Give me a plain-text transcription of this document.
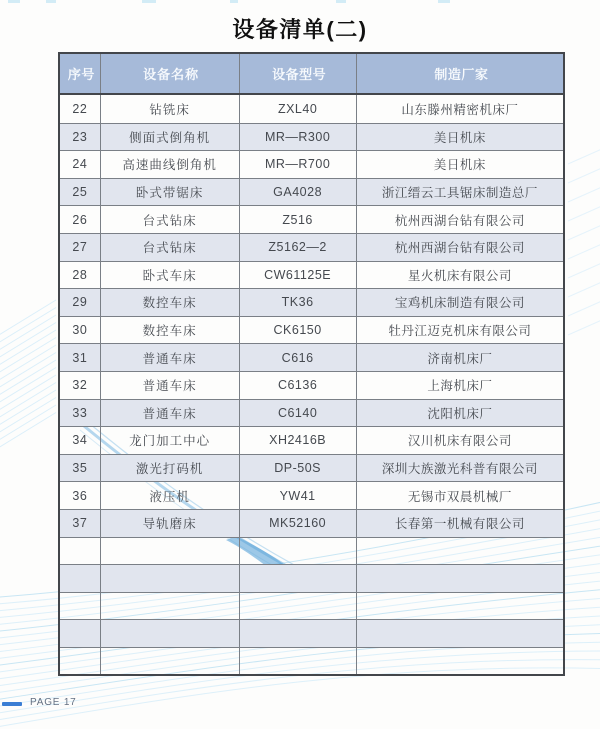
设备清单(二)
序号	设备名称	设备型号	制造厂家
22	钻铣床	ZXL40	山东滕州精密机床厂
23	侧面式倒角机	MR—R300	美日机床
24	高速曲线倒角机	MR—R700	美日机床
25	卧式带锯床	GA4028	浙江缙云工具锯床制造总厂
26	台式钻床	Z516	杭州西湖台钻有限公司
27	台式钻床	Z5162—2	杭州西湖台钻有限公司
28	卧式车床	CW61125E	星火机床有限公司
29	数控车床	TK36	宝鸡机床制造有限公司
30	数控车床	CK6150	牡丹江迈克机床有限公司
31	普通车床	C616	济南机床厂
32	普通车床	C6136	上海机床厂
33	普通车床	C6140	沈阳机床厂
34	龙门加工中心	XH2416B	汉川机床有限公司
35	激光打码机	DP-50S	深圳大族激光科普有限公司
36	液压机	YW41	无锡市双晨机械厂
37	导轨磨床	MK52160	长春第一机械有限公司
PAGE 17
